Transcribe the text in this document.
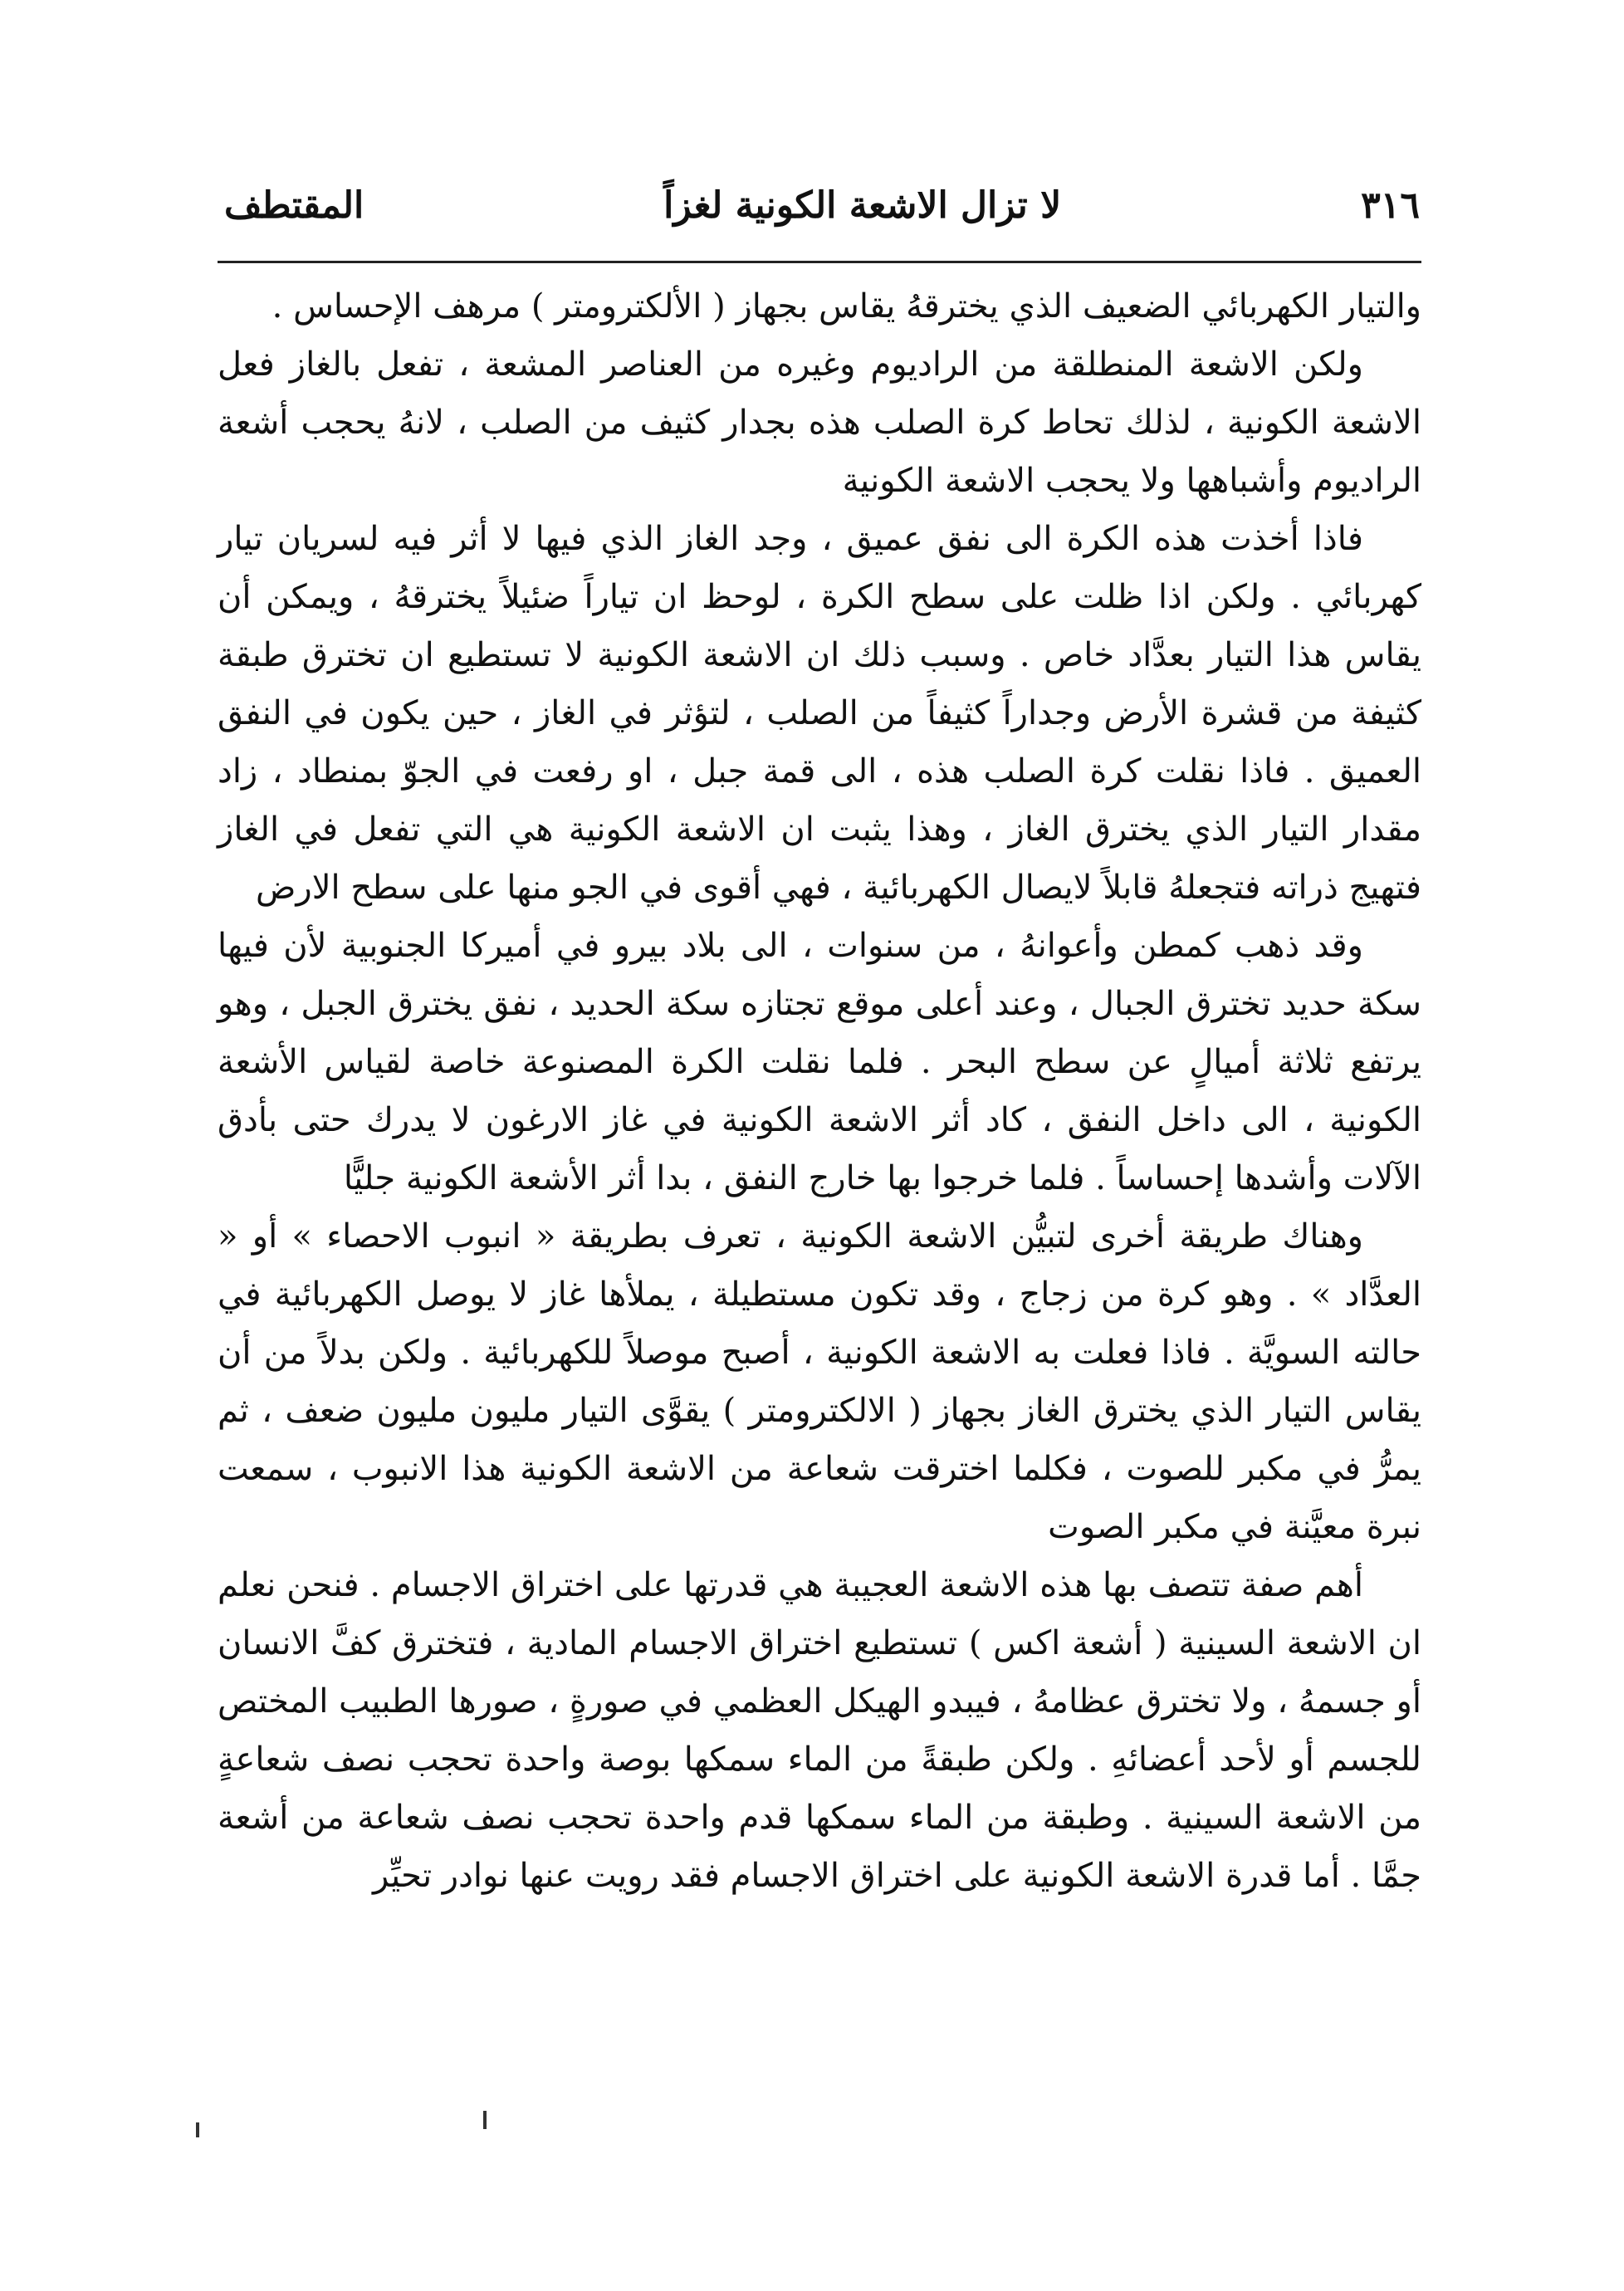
٣١٦
لا تزال الاشعة الكونية لغزاً
المقتطف

والتيار الكهربائي الضعيف الذي يخترقهُ يقاس بجهاز ( الألكترومتر ) مرهف الإحساس .

ولكن الاشعة المنطلقة من الراديوم وغيره من العناصر المشعة ، تفعل بالغاز فعل الاشعة الكونية ، لذلك تحاط كرة الصلب هذه بجدار كثيف من الصلب ، لانهُ يحجب أشعة الراديوم وأشباهها ولا يحجب الاشعة الكونية

فاذا أخذت هذه الكرة الى نفق عميق ، وجد الغاز الذي فيها لا أثر فيه لسريان تيار كهربائي . ولكن اذا ظلت على سطح الكرة ، لوحظ ان تياراً ضئيلاً يخترقهُ ، ويمكن أن يقاس هذا التيار بعدَّاد خاص . وسبب ذلك ان الاشعة الكونية لا تستطيع ان تخترق طبقة كثيفة من قشرة الأرض وجداراً كثيفاً من الصلب ، لتؤثر في الغاز ، حين يكون في النفق العميق . فاذا نقلت كرة الصلب هذه ، الى قمة جبل ، او رفعت في الجوّ بمنطاد ، زاد مقدار التيار الذي يخترق الغاز ، وهذا يثبت ان الاشعة الكونية هي التي تفعل في الغاز فتهيج ذراته فتجعلهُ قابلاً لايصال الكهربائية ، فهي أقوى في الجو منها على سطح الارض

وقد ذهب كمطن وأعوانهُ ، من سنوات ، الى بلاد بيرو في أميركا الجنوبية لأن فيها سكة حديد تخترق الجبال ، وعند أعلى موقع تجتازه سكة الحديد ، نفق يخترق الجبل ، وهو يرتفع ثلاثة أميالٍ عن سطح البحر . فلما نقلت الكرة المصنوعة خاصة لقياس الأشعة الكونية ، الى داخل النفق ، كاد أثر الاشعة الكونية في غاز الارغون لا يدرك حتى بأدق الآلات وأشدها إحساساً . فلما خرجوا بها خارج النفق ، بدا أثر الأشعة الكونية جليًّا

وهناك طريقة أخرى لتبيُّن الاشعة الكونية ، تعرف بطريقة « انبوب الاحصاء » أو « العدَّاد » . وهو كرة من زجاج ، وقد تكون مستطيلة ، يملأها غاز لا يوصل الكهربائية في حالته السويَّة . فاذا فعلت به الاشعة الكونية ، أصبح موصلاً للكهربائية . ولكن بدلاً من أن يقاس التيار الذي يخترق الغاز بجهاز ( الالكترومتر ) يقوَّى التيار مليون مليون ضعف ، ثم يمرُّ في مكبر للصوت ، فكلما اخترقت شعاعة من الاشعة الكونية هذا الانبوب ، سمعت نبرة معيَّنة في مكبر الصوت

أهم صفة تتصف بها هذه الاشعة العجيبة هي قدرتها على اختراق الاجسام . فنحن نعلم ان الاشعة السينية ( أشعة اكس ) تستطيع اختراق الاجسام المادية ، فتخترق كفَّ الانسان أو جسمهُ ، ولا تخترق عظامهُ ، فيبدو الهيكل العظمي في صورةٍ ، صورها الطبيب المختص للجسم أو لأحد أعضائهِ . ولكن طبقةً من الماء سمكها بوصة واحدة تحجب نصف شعاعةٍ من الاشعة السينية . وطبقة من الماء سمكها قدم واحدة تحجب نصف شعاعة من أشعة جمَّا . أما قدرة الاشعة الكونية على اختراق الاجسام فقد رويت عنها نوادر تحيِّر
